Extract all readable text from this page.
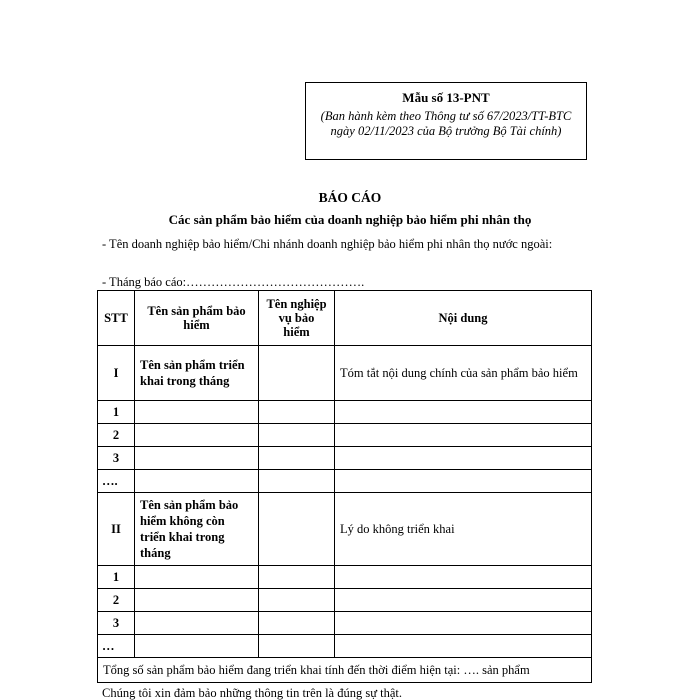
Mẫu số 13-PNT
(Ban hành kèm theo Thông tư số 67/2023/TT-BTC ngày 02/11/2023 của Bộ trưởng Bộ Tài chính)
BÁO CÁO
Các sản phẩm bảo hiểm của doanh nghiệp bảo hiểm phi nhân thọ
- Tên doanh nghiệp bảo hiểm/Chi nhánh doanh nghiệp bảo hiểm phi nhân thọ nước ngoài:
- Tháng báo cáo:…………………………………….
STT	Tên sản phẩm bảo hiểm	Tên nghiệp vụ bảo hiểm	Nội dung
I	Tên sản phẩm triển khai trong tháng		Tóm tắt nội dung chính của sản phẩm bảo hiểm
1			
2			
3			
….			
II	Tên sản phẩm bảo hiểm không còn triển khai trong tháng		Lý do không triển khai
1			
2			
3			
…			
Tổng số sản phẩm bảo hiểm đang triển khai tính đến thời điểm hiện tại: …. sản phẩm			
Chúng tôi xin đảm bảo những thông tin trên là đúng sự thật.
